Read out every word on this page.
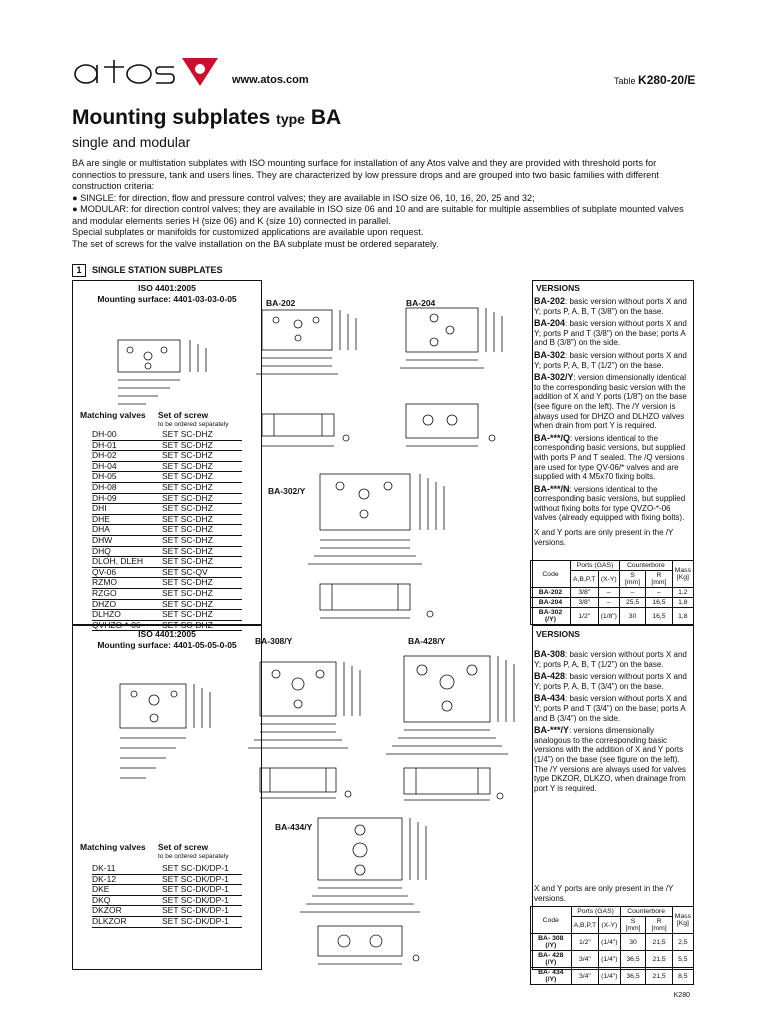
www.atos.com	Table K280-20/E
Mounting subplates type BA
single and modular

BA are single or multistation subplates with ISO mounting surface for installation of any Atos valve and they are provided with threshold ports for connectios to pressure, tank and users lines. They are characterized by low pressure drops and are grouped into two basic families with different construction criteria:

● SINGLE: for direction, flow and pressure control valves; they are available in ISO size 06, 10, 16, 20, 25 and 32;

● MODULAR: for direction control valves; they are available in ISO size 06 and 10 and are suitable for multiple assemblies of subplate mounted valves and modular elements series H (size 06) and K (size 10) connected in parallel.

Special subplates or manifolds for customized applications are available upon request.

The set of screws for the valve installation on the BA subplate must be ordered separately.

1 SINGLE STATION SUBPLATES
ISO 4401:2005
Mounting surface: 4401-03-03-0-05
Matching valves Set of screw
to be ordered separately
DH-00	SET SC-DHZ
DH-01	SET SC-DHZ
DH-02	SET SC-DHZ
DH-04	SET SC-DHZ
DH-05	SET SC-DHZ
DH-08	SET SC-DHZ
DH-09	SET SC-DHZ
DHI	SET SC-DHZ
DHE	SET SC-DHZ
DHA	SET SC-DHZ
DHW	SET SC-DHZ
DHQ	SET SC-DHZ
DLOH, DLEH	SET SC-DHZ
QV-06	SET SC-QV
RZMO	SET SC-DHZ
RZGO	SET SC-DHZ
DHZO	SET SC-DHZ
DLHZO	SET SC-DHZ
QVHZO-*-06	SET SC-DHZ
BA-202	BA-204
BA-302/Y
VERSIONS
BA-202: basic version without ports X and Y; ports P, A, B, T (3/8") on the base.
BA-204: basic version without ports X and Y; ports P and T (3/8") on the base; ports A and B (3/8") on the side.
BA-302: basic version without ports X and Y; ports P, A, B, T (1/2") on the base.
BA-302/Y: version dimensionally identical to the corresponding basic version with the addition of X and Y ports (1/8") on the base (see figure on the left). The /Y version is always used for DHZO and DLHZO valves when drain from port Y is required.
BA-***/Q: versions identical to the corresponding basic versions, but supplied with ports P and T sealed. The /Q versions are used for type QV-06/* valves and are supplied with 4 M5x70 fixing bolts.
BA-***/N: versions identical to the corresponding basic versions, but supplied without fixing bolts for type QVZO-*-06 valves (already equipped with fixing bolts).
X and Y ports are only present in the /Y versions.
Code	Ports (GAS)		Counterbore		Mass
[Kg]

	A,B,P,T	(X-Y)	S [mm]	R [mm]	
BA-202	3/8"	–	–	–	1,2
BA-204	3/8"	–	25,5	16,5	1,8
BA-302 (/Y)	1/2"	(1/8")	30	16,5	1,8
ISO 4401:2005
Mounting surface: 4401-05-05-0-05
Matching valves Set of screw
to be ordered separately
DK-11	SET SC-DK/DP-1
DK-12	SET SC-DK/DP-1
DKE	SET SC-DK/DP-1
DKQ	SET SC-DK/DP-1
DKZOR	SET SC-DK/DP-1
DLKZOR	SET SC-DK/DP-1
BA-308/Y	BA-428/Y
BA-434/Y
VERSIONS
BA-308: basic version without ports X and Y; ports P, A, B, T (1/2") on the base.
BA-428: basic version without ports X and Y; ports P, A, B, T (3/4") on the base.
BA-434: basic version without ports X and Y; ports P and T (3/4") on the base; ports A and B (3/4") on the side.
BA-***/Y: versions dimensionally analogous to the corresponding basic versions with the addition of X and Y ports (1/4") on the base (see figure on the left). The /Y versions are always used for valves type DKZOR, DLKZO, when drainage from port Y is required.
X and Y ports are only present in the /Y versions.
Code	Ports (GAS)		Counterbore		Mass
[Kg]

	A,B,P,T	(X-Y)	S [mm]	R [mm]	
BA- 308 (/Y)	1/2"	(1/4")	30	21,5	2,5
BA- 428 (/Y)	3/4"	(1/4")	36,5	21,5	5,5
BA- 434 (/Y)	3/4"	(1/4")	36,5	21,5	8,5
K280
